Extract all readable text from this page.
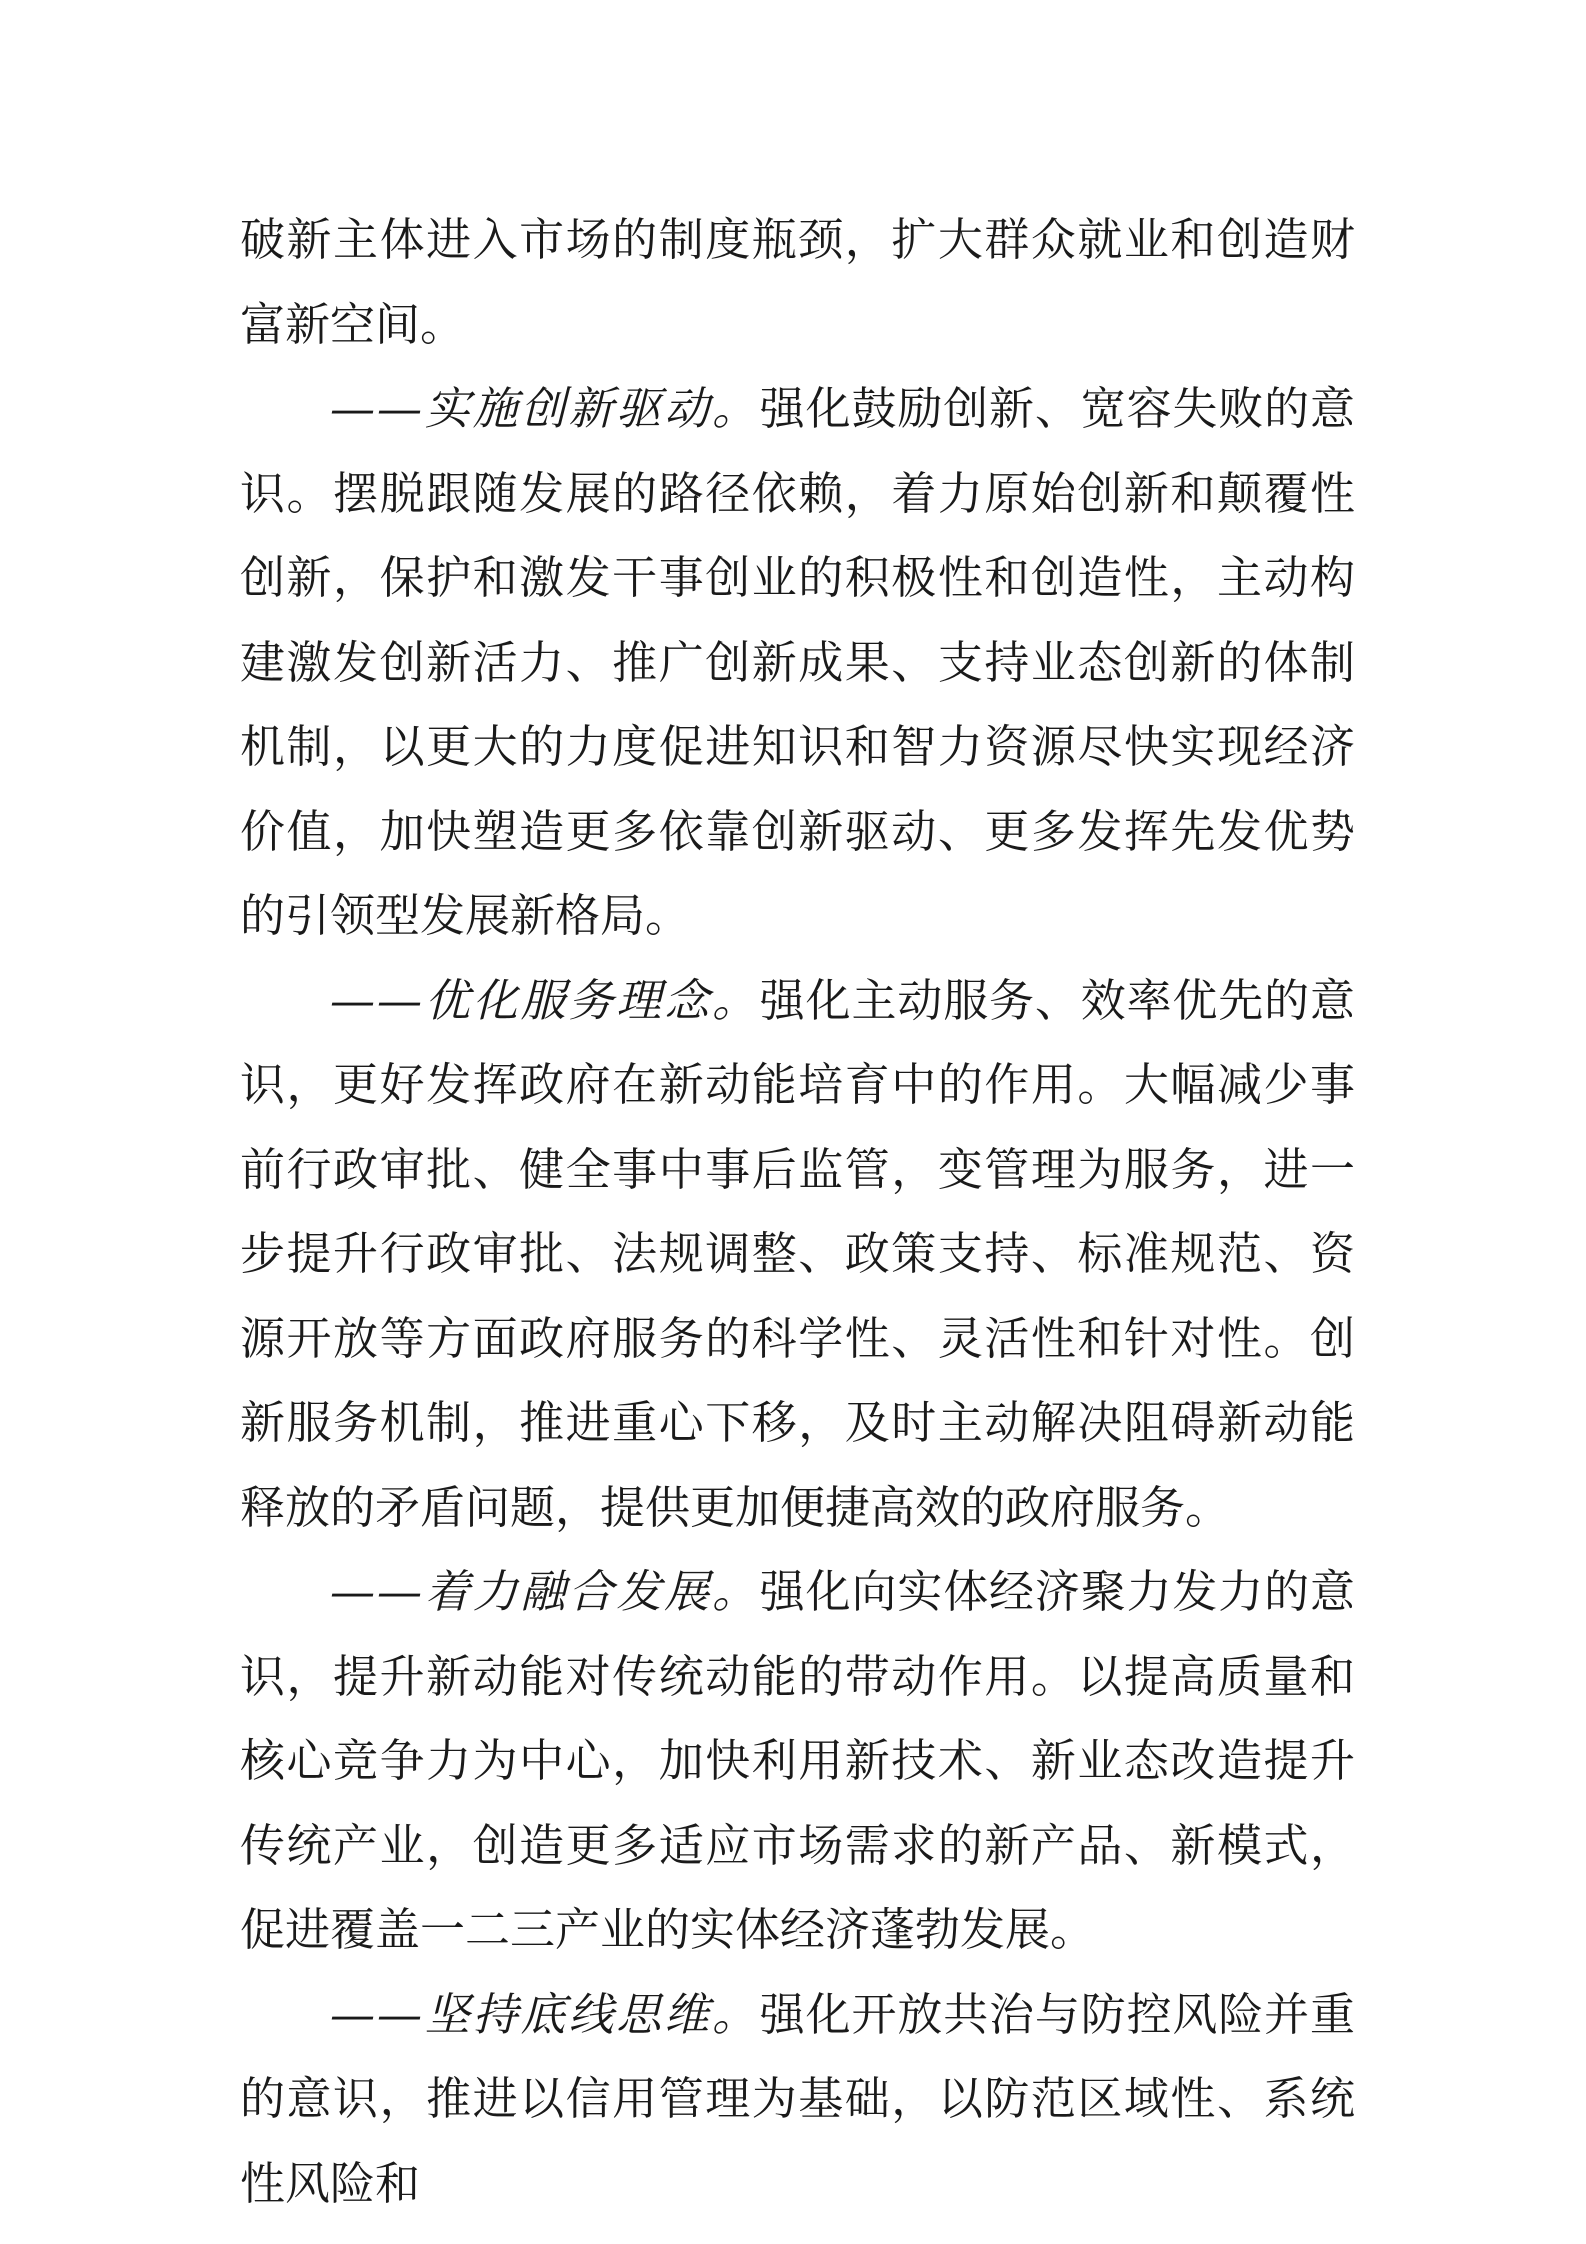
破新主体进入市场的制度瓶颈，扩大群众就业和创造财富新空间。

——实施创新驱动。强化鼓励创新、宽容失败的意识。摆脱跟随发展的路径依赖，着力原始创新和颠覆性创新，保护和激发干事创业的积极性和创造性，主动构建激发创新活力、推广创新成果、支持业态创新的体制机制，以更大的力度促进知识和智力资源尽快实现经济价值，加快塑造更多依靠创新驱动、更多发挥先发优势的引领型发展新格局。

——优化服务理念。强化主动服务、效率优先的意识，更好发挥政府在新动能培育中的作用。大幅减少事前行政审批、健全事中事后监管，变管理为服务，进一步提升行政审批、法规调整、政策支持、标准规范、资源开放等方面政府服务的科学性、灵活性和针对性。创新服务机制，推进重心下移，及时主动解决阻碍新动能释放的矛盾问题，提供更加便捷高效的政府服务。

——着力融合发展。强化向实体经济聚力发力的意识，提升新动能对传统动能的带动作用。以提高质量和核心竞争力为中心，加快利用新技术、新业态改造提升传统产业，创造更多适应市场需求的新产品、新模式，促进覆盖一二三产业的实体经济蓬勃发展。

——坚持底线思维。强化开放共治与防控风险并重的意识，推进以信用管理为基础，以防范区域性、系统性风险和
